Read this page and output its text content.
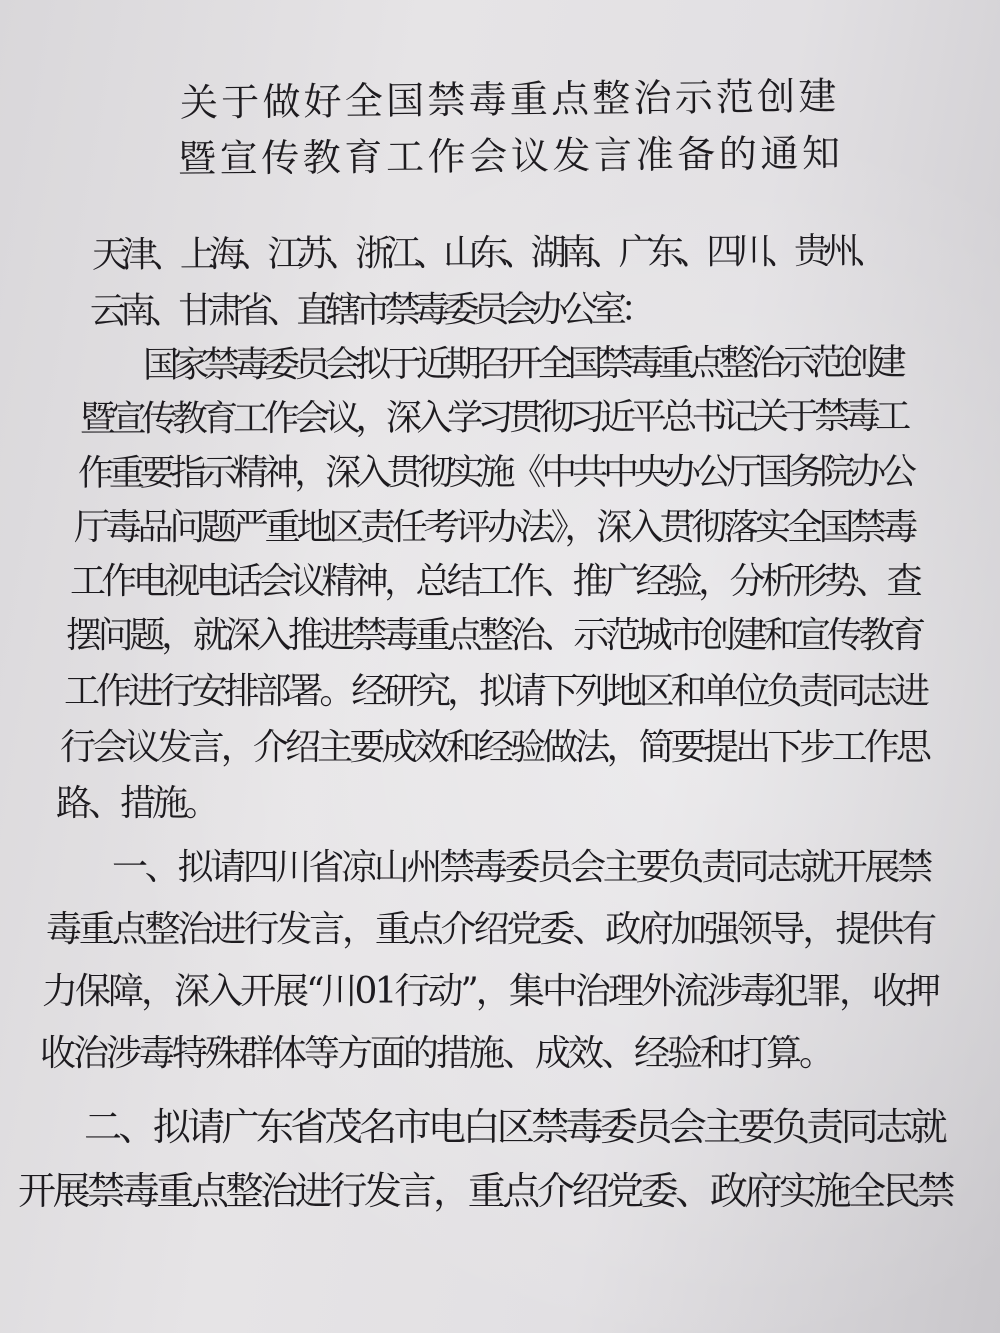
关于做好全国禁毒重点整治示范创建
暨宣传教育工作会议发言准备的通知
天津、上海、江苏、浙江、山东、湖南、广东、四川、贵州、
云南、甘肃省、直辖市禁毒委员会办公室：
国家禁毒委员会拟于近期召开全国禁毒重点整治示范创建
暨宣传教育工作会议，深入学习贯彻习近平总书记关于禁毒工
作重要指示精神，深入贯彻实施《中共中央办公厅国务院办公
厅毒品问题严重地区责任考评办法》，深入贯彻落实全国禁毒
工作电视电话会议精神，总结工作、推广经验，分析形势、查
摆问题，就深入推进禁毒重点整治、示范城市创建和宣传教育
工作进行安排部署。经研究，拟请下列地区和单位负责同志进
行会议发言，介绍主要成效和经验做法，简要提出下步工作思
路、措施。
一、拟请四川省凉山州禁毒委员会主要负责同志就开展禁
毒重点整治进行发言，重点介绍党委、政府加强领导，提供有
力保障，深入开展“川01行动”，集中治理外流涉毒犯罪，收押
收治涉毒特殊群体等方面的措施、成效、经验和打算。
二、拟请广东省茂名市电白区禁毒委员会主要负责同志就
开展禁毒重点整治进行发言，重点介绍党委、政府实施全民禁
